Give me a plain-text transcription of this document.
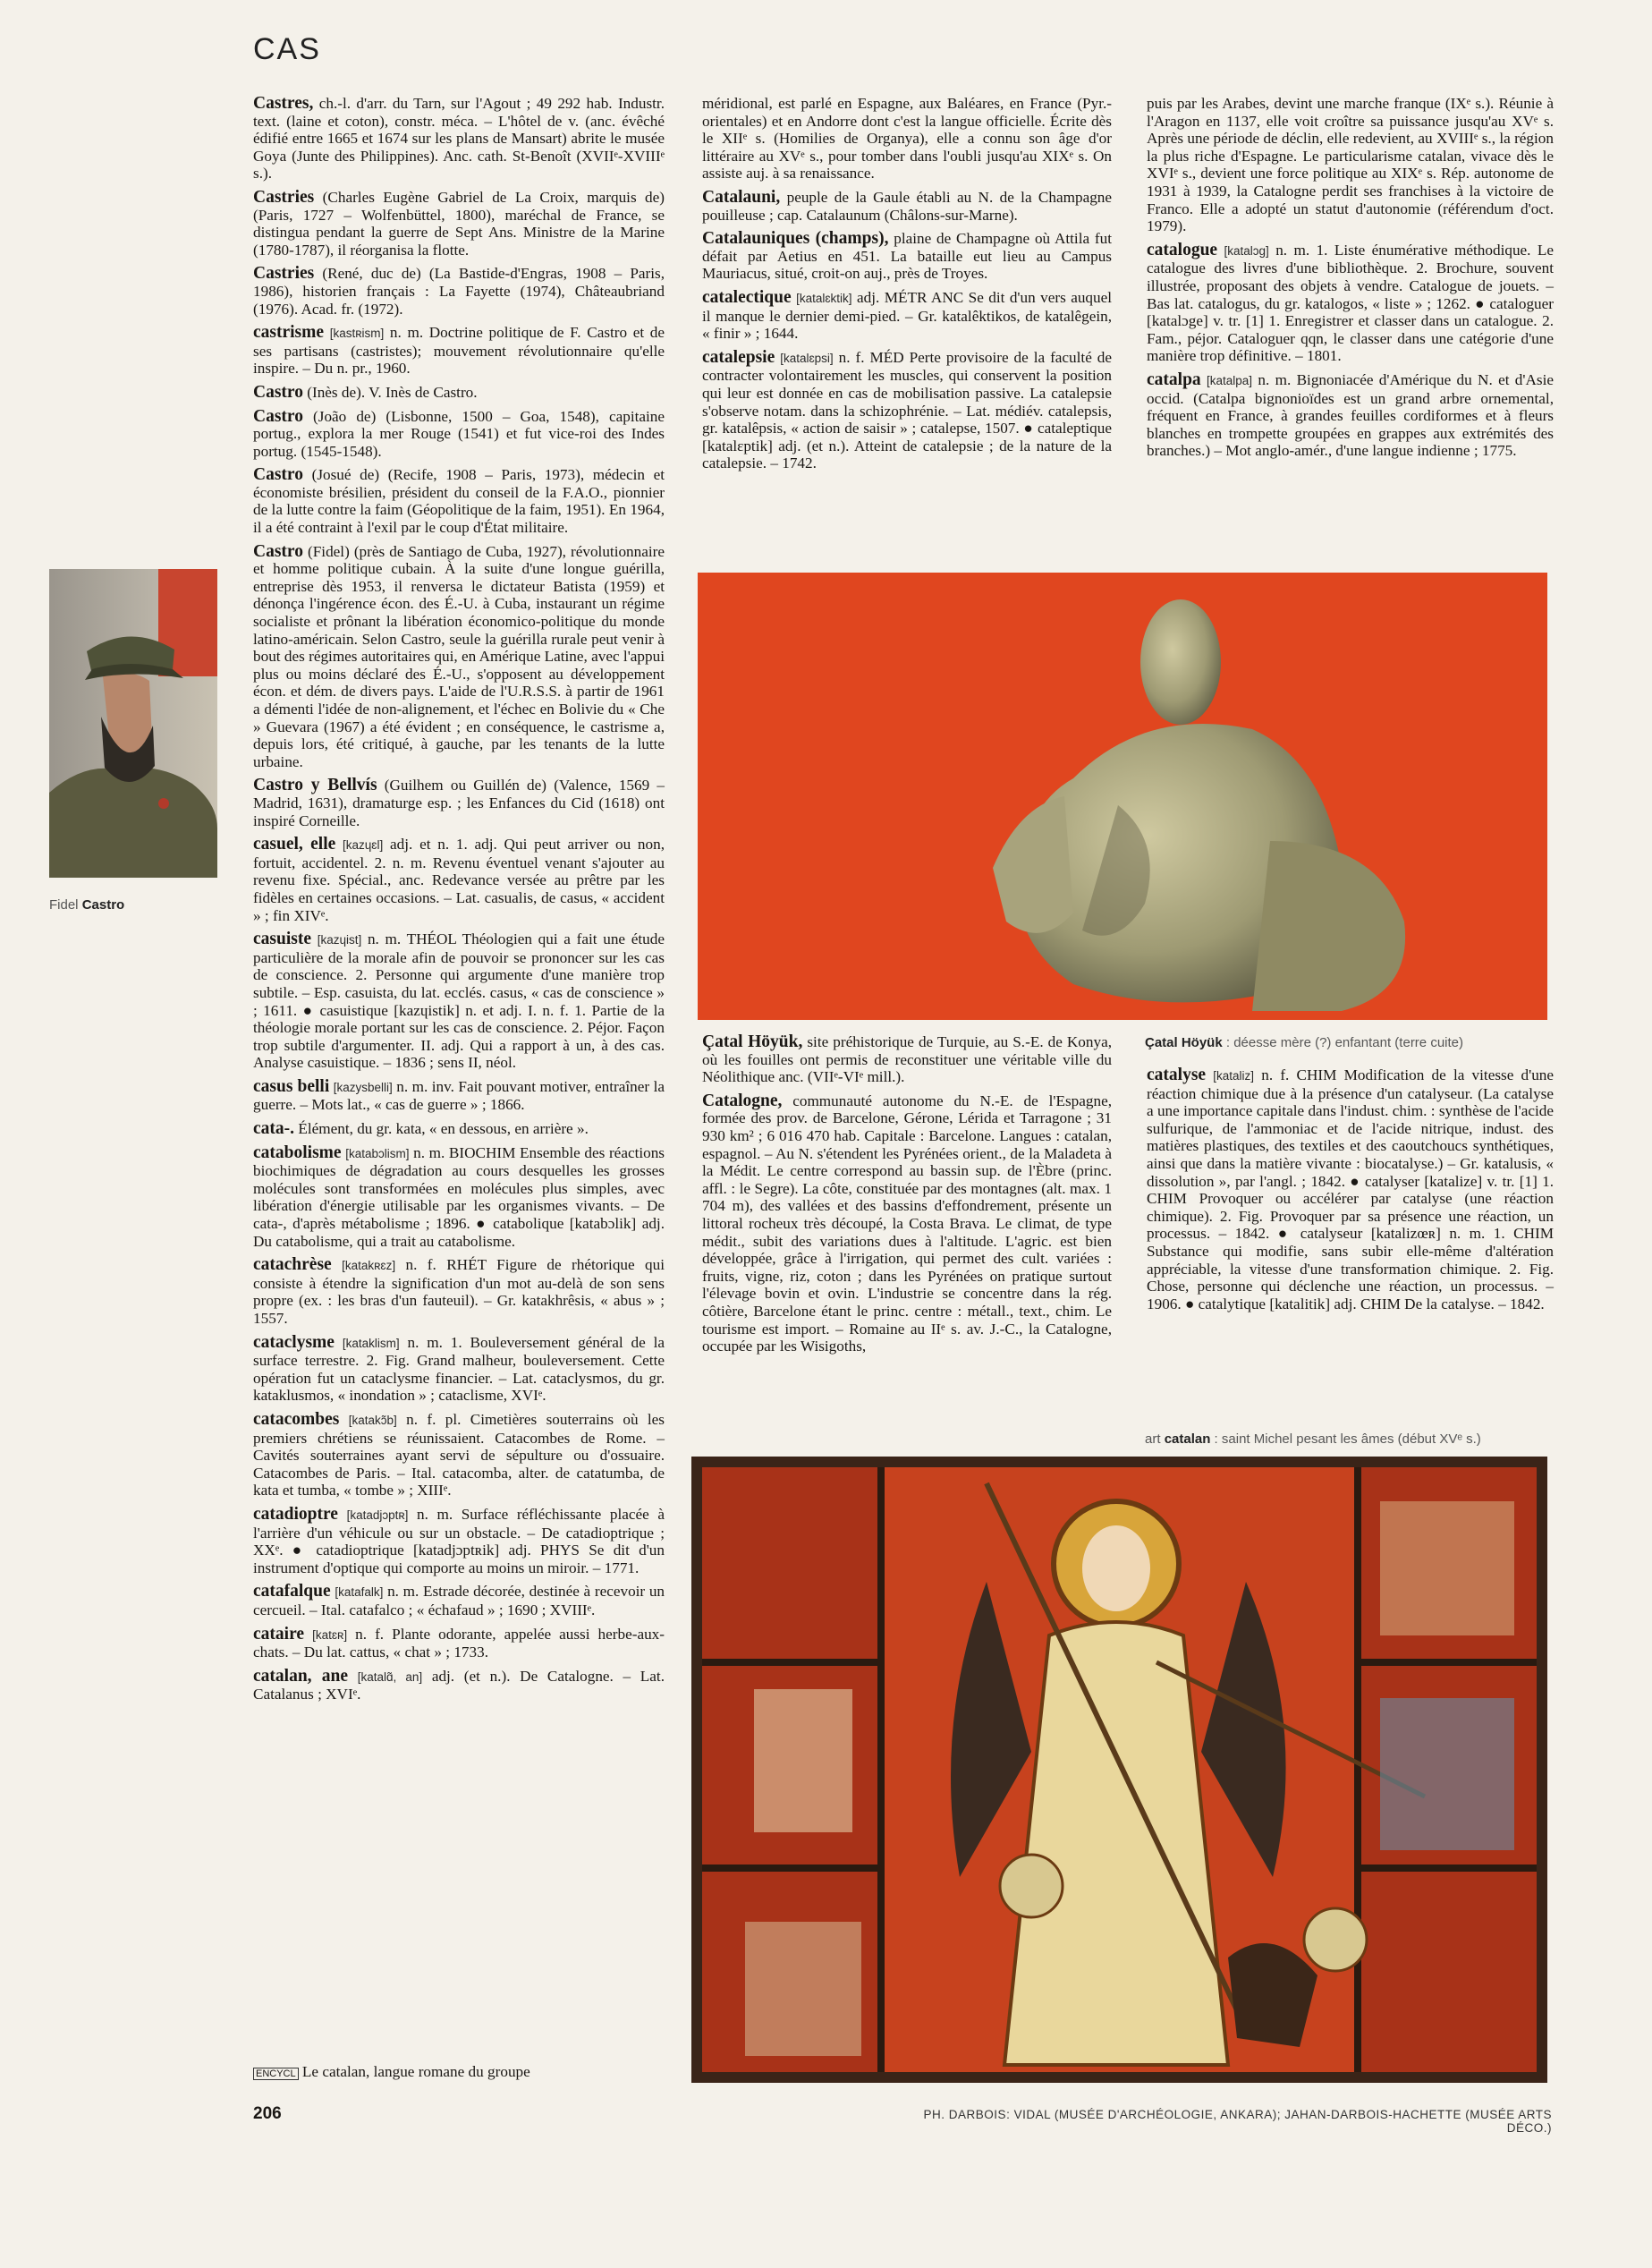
CAS
Fidel Castro

Castres, ch.-l. d'arr. du Tarn, sur l'Agout ; 49 292 hab. Industr. text. (laine et coton), constr. méca. – L'hôtel de v. (anc. évêché édifié entre 1665 et 1674 sur les plans de Mansart) abrite le musée Goya (Junte des Philippines). Anc. cath. St-Benoît (XVIIᵉ-XVIIIᵉ s.).

Castries (Charles Eugène Gabriel de La Croix, marquis de) (Paris, 1727 – Wolfenbüttel, 1800), maréchal de France, se distingua pendant la guerre de Sept Ans. Ministre de la Marine (1780-1787), il réorganisa la flotte.

Castries (René, duc de) (La Bastide-d'Engras, 1908 – Paris, 1986), historien français : La Fayette (1974), Châteaubriand (1976). Acad. fr. (1972).

castrisme [kastʀism] n. m. Doctrine politique de F. Castro et de ses partisans (castristes); mouvement révolutionnaire qu'elle inspire. – Du n. pr., 1960.

Castro (Inès de). V. Inès de Castro.

Castro (João de) (Lisbonne, 1500 – Goa, 1548), capitaine portug., explora la mer Rouge (1541) et fut vice-roi des Indes portug. (1545-1548).

Castro (Josué de) (Recife, 1908 – Paris, 1973), médecin et économiste brésilien, président du conseil de la F.A.O., pionnier de la lutte contre la faim (Géopolitique de la faim, 1951). En 1964, il a été contraint à l'exil par le coup d'État militaire.

Castro (Fidel) (près de Santiago de Cuba, 1927), révolutionnaire et homme politique cubain. À la suite d'une longue guérilla, entreprise dès 1953, il renversa le dictateur Batista (1959) et dénonça l'ingérence écon. des É.-U. à Cuba, instaurant un régime socialiste et prônant la libération économico-politique du monde latino-américain. Selon Castro, seule la guérilla rurale peut venir à bout des régimes autoritaires qui, en Amérique Latine, avec l'appui plus ou moins déclaré des É.-U., s'opposent au développement écon. et dém. de divers pays. L'aide de l'U.R.S.S. à partir de 1961 a démenti l'idée de non-alignement, et l'échec en Bolivie du « Che » Guevara (1967) a été évident ; en conséquence, le castrisme a, depuis lors, été critiqué, à gauche, par les tenants de la lutte urbaine.

Castro y Bellvís (Guilhem ou Guillén de) (Valence, 1569 – Madrid, 1631), dramaturge esp. ; les Enfances du Cid (1618) ont inspiré Corneille.

casuel, elle [kazɥɛl] adj. et n. 1. adj. Qui peut arriver ou non, fortuit, accidentel. 2. n. m. Revenu éventuel venant s'ajouter au revenu fixe. Spécial., anc. Redevance versée au prêtre par les fidèles en certaines occasions. – Lat. casualis, de casus, « accident » ; fin XIVᵉ.

casuiste [kazɥist] n. m. THÉOL Théologien qui a fait une étude particulière de la morale afin de pouvoir se prononcer sur les cas de conscience. 2. Personne qui argumente d'une manière trop subtile. – Esp. casuista, du lat. ecclés. casus, « cas de conscience » ; 1611. ● casuistique [kazɥistik] n. et adj. I. n. f. 1. Partie de la théologie morale portant sur les cas de conscience. 2. Péjor. Façon trop subtile d'argumenter. II. adj. Qui a rapport à un, à des cas. Analyse casuistique. – 1836 ; sens II, néol.

casus belli [kazysbelli] n. m. inv. Fait pouvant motiver, entraîner la guerre. – Mots lat., « cas de guerre » ; 1866.

cata-. Élément, du gr. kata, « en dessous, en arrière ».

catabolisme [katabɔlism] n. m. BIOCHIM Ensemble des réactions biochimiques de dégradation au cours desquelles les grosses molécules sont transformées en molécules plus simples, avec libération d'énergie utilisable par les organismes vivants. – De cata-, d'après métabolisme ; 1896. ● catabolique [katabɔlik] adj. Du catabolisme, qui a trait au catabolisme.

catachrèse [katakʀɛz] n. f. RHÉT Figure de rhétorique qui consiste à étendre la signification d'un mot au-delà de son sens propre (ex. : les bras d'un fauteuil). – Gr. katakhrêsis, « abus » ; 1557.

cataclysme [kataklism] n. m. 1. Bouleversement général de la surface terrestre. 2. Fig. Grand malheur, bouleversement. Cette opération fut un cataclysme financier. – Lat. cataclysmos, du gr. kataklusmos, « inondation » ; cataclisme, XVIᵉ.

catacombes [katakɔ̃b] n. f. pl. Cimetières souterrains où les premiers chrétiens se réunissaient. Catacombes de Rome. – Cavités souterraines ayant servi de sépulture ou d'ossuaire. Catacombes de Paris. – Ital. catacomba, alter. de catatumba, de kata et tumba, « tombe » ; XIIIᵉ.

catadioptre [katadjɔptʀ] n. m. Surface réfléchissante placée à l'arrière d'un véhicule ou sur un obstacle. – De catadioptrique ; XXᵉ. ● catadioptrique [katadjɔptʀik] adj. PHYS Se dit d'un instrument d'optique qui comporte au moins un miroir. – 1771.

catafalque [katafalk] n. m. Estrade décorée, destinée à recevoir un cercueil. – Ital. catafalco ; « échafaud » ; 1690 ; XVIIIᵉ.

cataire [katɛʀ] n. f. Plante odorante, appelée aussi herbe-aux-chats. – Du lat. cattus, « chat » ; 1733.

catalan, ane [katalɑ̃, an] adj. (et n.). De Catalogne. – Lat. Catalanus ; XVIᵉ.

ENCYCL Le catalan, langue romane du groupe

méridional, est parlé en Espagne, aux Baléares, en France (Pyr.-orientales) et en Andorre dont c'est la langue officielle. Écrite dès le XIIᵉ s. (Homilies de Organya), elle a connu son âge d'or littéraire au XVᵉ s., pour tomber dans l'oubli jusqu'au XIXᵉ s. On assiste auj. à sa renaissance.

Catalauni, peuple de la Gaule établi au N. de la Champagne pouilleuse ; cap. Catalaunum (Châlons-sur-Marne).

Catalauniques (champs), plaine de Champagne où Attila fut défait par Aetius en 451. La bataille eut lieu au Campus Mauriacus, situé, croit-on auj., près de Troyes.

catalectique [katalɛktik] adj. MÉTR ANC Se dit d'un vers auquel il manque le dernier demi-pied. – Gr. katalêktikos, de katalêgein, « finir » ; 1644.

catalepsie [katalɛpsi] n. f. MÉD Perte provisoire de la faculté de contracter volontairement les muscles, qui conservent la position qui leur est donnée en cas de mobilisation passive. La catalepsie s'observe notam. dans la schizophrénie. – Lat. médiév. catalepsis, gr. katalêpsis, « action de saisir » ; catalepse, 1507. ● cataleptique [katalɛptik] adj. (et n.). Atteint de catalepsie ; de la nature de la catalepsie. – 1742.

puis par les Arabes, devint une marche franque (IXᵉ s.). Réunie à l'Aragon en 1137, elle voit croître sa puissance jusqu'au XVᵉ s. Après une période de déclin, elle redevient, au XVIIIᵉ s., la région la plus riche d'Espagne. Le particularisme catalan, vivace dès le XVIᵉ s., devient une force politique au XIXᵉ s. Rép. autonome de 1931 à 1939, la Catalogne perdit ses franchises à la victoire de Franco. Elle a adopté un statut d'autonomie (référendum d'oct. 1979).

catalogue [katalɔg] n. m. 1. Liste énumérative méthodique. Le catalogue des livres d'une bibliothèque. 2. Brochure, souvent illustrée, proposant des objets à vendre. Catalogue de jouets. – Bas lat. catalogus, du gr. katalogos, « liste » ; 1262. ● cataloguer [katalɔge] v. tr. [1] 1. Enregistrer et classer dans un catalogue. 2. Fam., péjor. Cataloguer qqn, le classer dans une catégorie d'une manière trop définitive. – 1801.

catalpa [katalpa] n. m. Bignoniacée d'Amérique du N. et d'Asie occid. (Catalpa bignonioïdes est un grand arbre ornemental, fréquent en France, à grandes feuilles cordiformes et à fleurs blanches en trompette groupées en grappes aux extrémités des branches.) – Mot anglo-amér., d'une langue indienne ; 1775.

Çatal Höyük : déesse mère (?) enfantant (terre cuite)

Çatal Höyük, site préhistorique de Turquie, au S.-E. de Konya, où les fouilles ont permis de reconstituer une véritable ville du Néolithique anc. (VIIᵉ-VIᵉ mill.).

Catalogne, communauté autonome du N.-E. de l'Espagne, formée des prov. de Barcelone, Gérone, Lérida et Tarragone ; 31 930 km² ; 6 016 470 hab. Capitale : Barcelone. Langues : catalan, espagnol. – Au N. s'étendent les Pyrénées orient., de la Maladeta à la Médit. Le centre correspond au bassin sup. de l'Èbre (princ. affl. : le Segre). La côte, constituée par des montagnes (alt. max. 1 704 m), des vallées et des bassins d'effondrement, présente un littoral rocheux très découpé, la Costa Brava. Le climat, de type médit., subit des variations dues à l'altitude. L'agric. est bien développée, grâce à l'irrigation, qui permet des cult. variées : fruits, vigne, riz, coton ; dans les Pyrénées on pratique surtout l'élevage bovin et ovin. L'industrie se concentre dans la rég. côtière, Barcelone étant le princ. centre : métall., text., chim. Le tourisme est import. – Romaine au IIᵉ s. av. J.-C., la Catalogne, occupée par les Wisigoths,

catalyse [kataliz] n. f. CHIM Modification de la vitesse d'une réaction chimique due à la présence d'un catalyseur. (La catalyse a une importance capitale dans l'indust. chim. : synthèse de l'acide sulfurique, de l'ammoniac et de l'acide nitrique, indust. des matières plastiques, des textiles et des caoutchoucs synthétiques, ainsi que dans la matière vivante : biocatalyse.) – Gr. katalusis, « dissolution », par l'angl. ; 1842. ● catalyser [katalize] v. tr. [1] 1. CHIM Provoquer ou accélérer par catalyse (une réaction chimique). 2. Fig. Provoquer par sa présence une réaction, un processus. – 1842. ● catalyseur [katalizœʀ] n. m. 1. CHIM Substance qui modifie, sans subir elle-même d'altération appréciable, la vitesse d'une transformation chimique. 2. Fig. Chose, personne qui déclenche une réaction, un processus. – 1906. ● catalytique [katalitik] adj. CHIM De la catalyse. – 1842.

art catalan : saint Michel pesant les âmes (début XVᵉ s.)
206	PH. DARBOIS: VIDAL (MUSÉE D'ARCHÉOLOGIE, ANKARA); JAHAN-DARBOIS-HACHETTE (MUSÉE ARTS DÉCO.)
